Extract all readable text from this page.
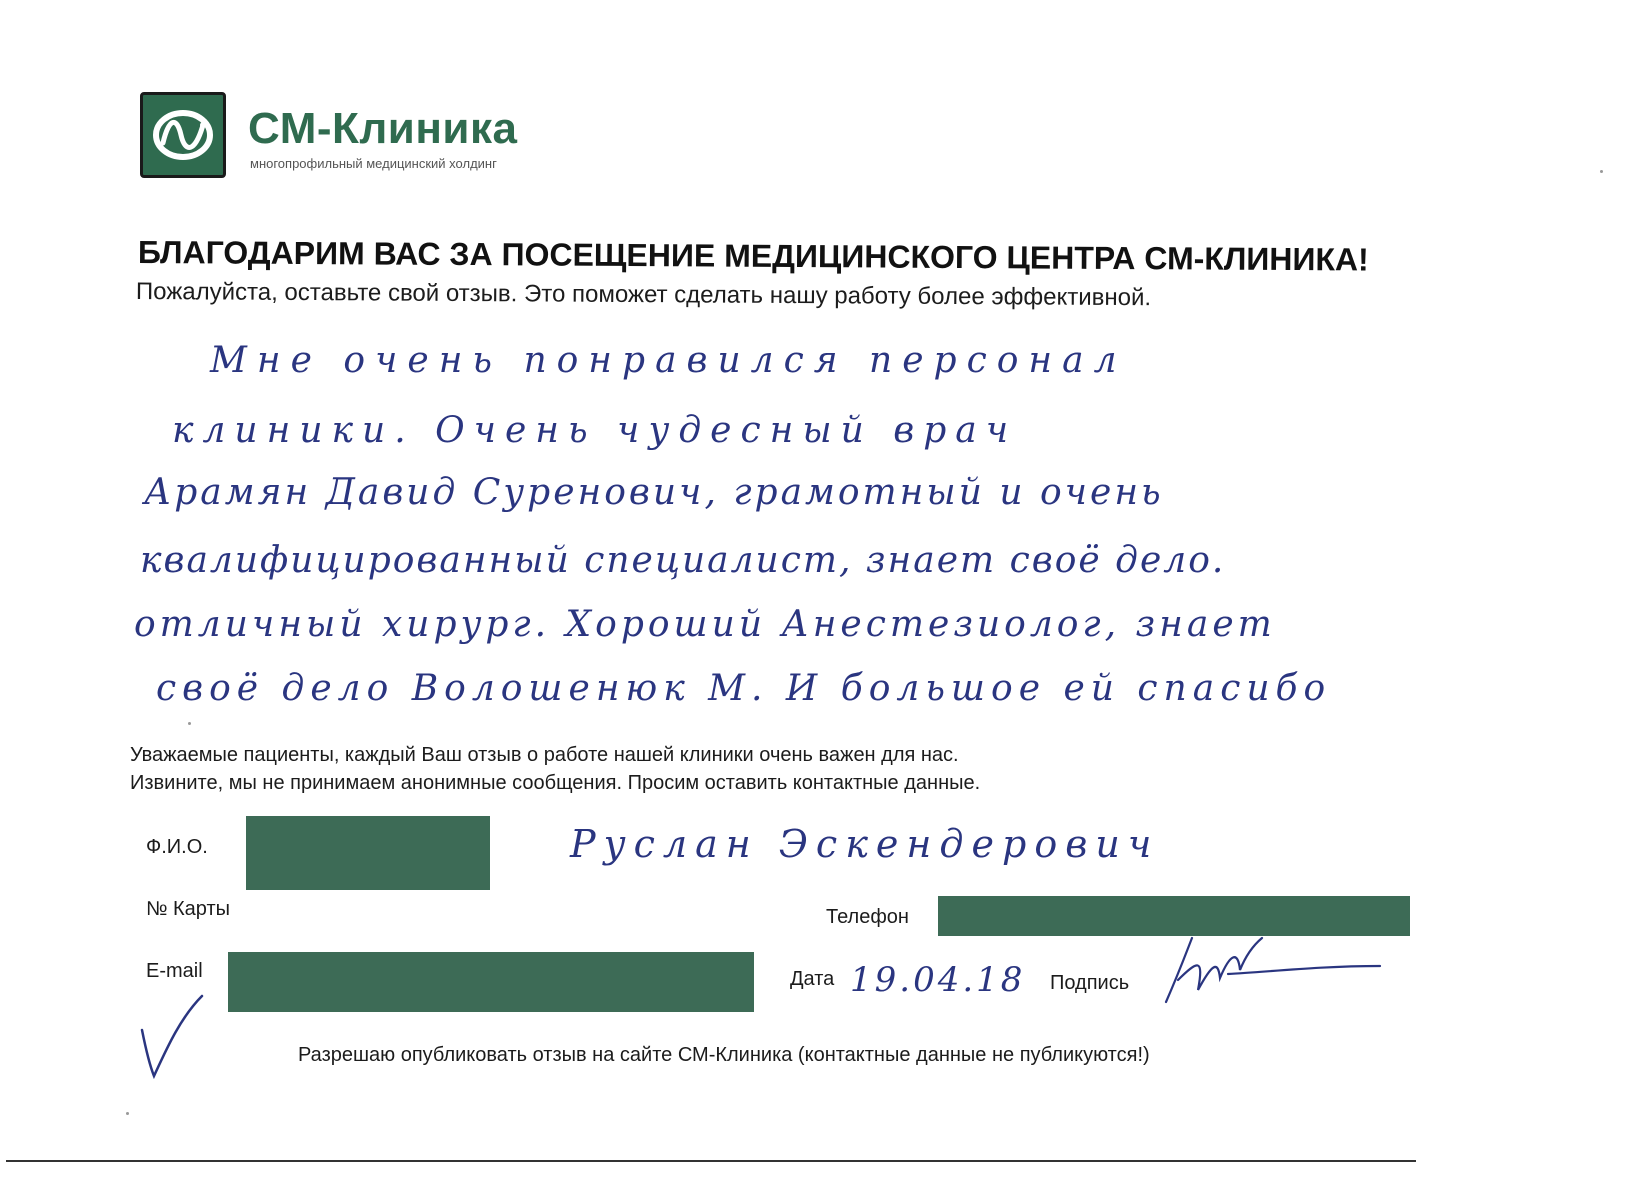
СМ-Клиника
многопрофильный медицинский холдинг
БЛАГОДАРИМ ВАС ЗА ПОСЕЩЕНИЕ МЕДИЦИНСКОГО ЦЕНТРА СМ-КЛИНИКА!
Пожалуйста, оставьте свой отзыв. Это поможет сделать нашу работу более эффективной.
Мне очень понравился персонал
клиники. Очень чудесный врач
Арамян Давид Суренович, грамотный и очень
квалифицированный специалист, знает своё дело.
отличный хирург. Хороший Анестезиолог, знает
своё дело Волошенюк М. И большое ей спасибо
Уважаемые пациенты, каждый Ваш отзыв о работе нашей клиники очень важен для нас.
Извините, мы не принимаем анонимные сообщения. Просим оставить контактные данные.
Ф.И.О.	Руслан Эскендерович
№ Карты	Телефон
E-mail	Дата 19.04.18 Подпись
Разрешаю опубликовать отзыв на сайте СМ-Клиника (контактные данные не публикуются!)
